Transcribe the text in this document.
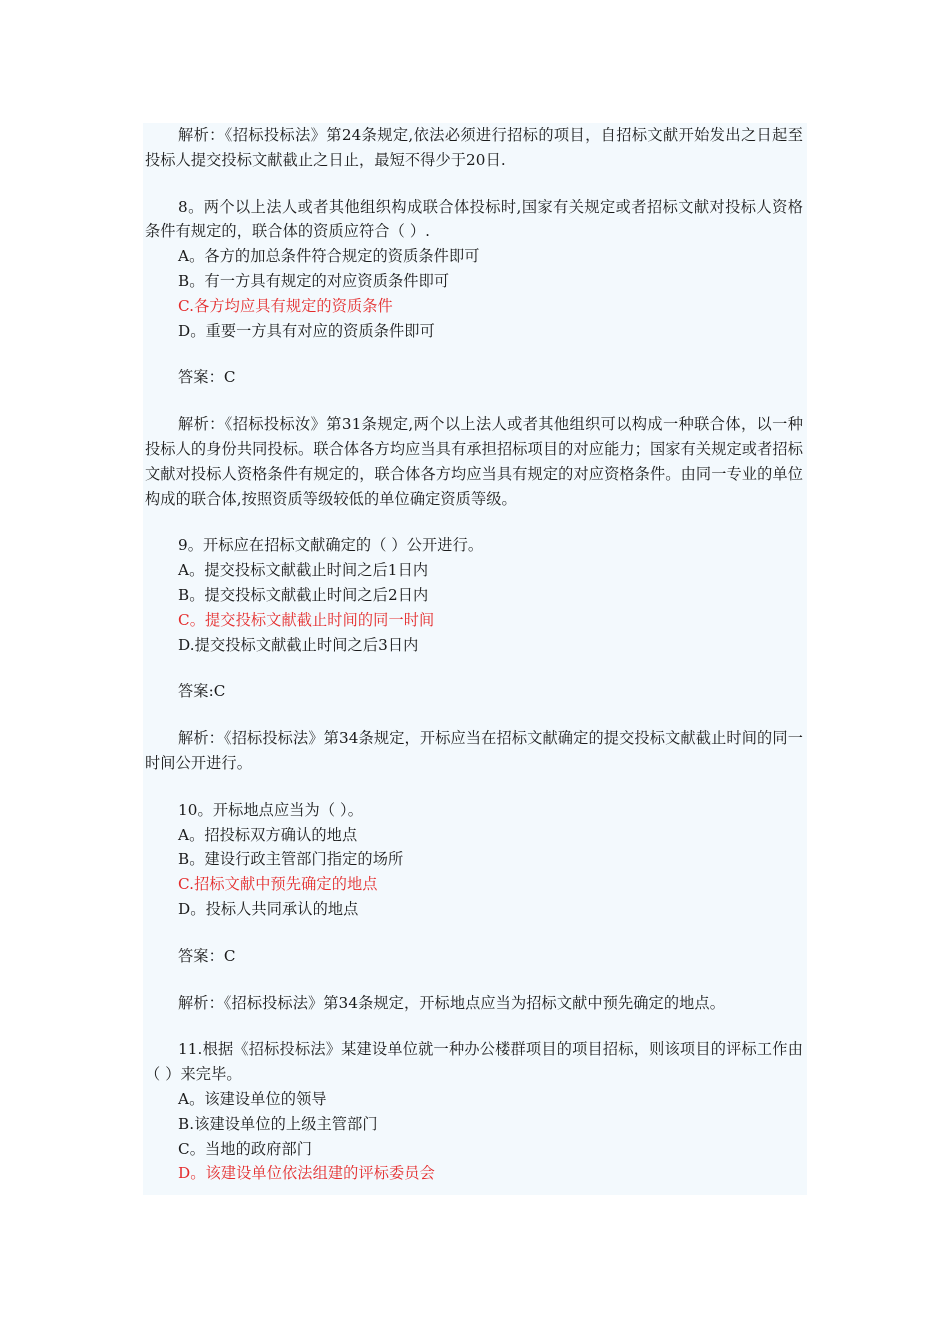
解析：《招标投标法》第24条规定,依法必须进行招标的项目，自招标文献开始发出之日起至投标人提交投标文献截止之日止，最短不得少于20日.

8。两个以上法人或者其他组织构成联合体投标时,国家有关规定或者招标文献对投标人资格条件有规定的，联合体的资质应符合（ ）.

A。各方的加总条件符合规定的资质条件即可

B。有一方具有规定的对应资质条件即可

C.各方均应具有规定的资质条件

D。重要一方具有对应的资质条件即可

答案：C

解析：《招标投标汝》第31条规定,两个以上法人或者其他组织可以构成一种联合体，以一种投标人的身份共同投标。联合体各方均应当具有承担招标项目的对应能力；国家有关规定或者招标文献对投标人资格条件有规定的，联合体各方均应当具有规定的对应资格条件。由同一专业的单位构成的联合体,按照资质等级较低的单位确定资质等级。

9。开标应在招标文献确定的（ ）公开进行。

A。提交投标文献截止时间之后1日内

B。提交投标文献截止时间之后2日内

C。提交投标文献截止时间的同一时间

D.提交投标文献截止时间之后3日内

答案:C

解析：《招标投标法》第34条规定，开标应当在招标文献确定的提交投标文献截止时间的同一时间公开进行。

10。开标地点应当为（ ）。

A。招投标双方确认的地点

B。建设行政主管部门指定的场所

C.招标文献中预先确定的地点

D。投标人共同承认的地点

答案：C

解析：《招标投标法》第34条规定，开标地点应当为招标文献中预先确定的地点。

11.根据《招标投标法》某建设单位就一种办公楼群项目的项目招标，则该项目的评标工作由（ ）来完毕。

A。该建设单位的领导

B.该建设单位的上级主管部门

C。当地的政府部门

D。该建设单位依法组建的评标委员会
